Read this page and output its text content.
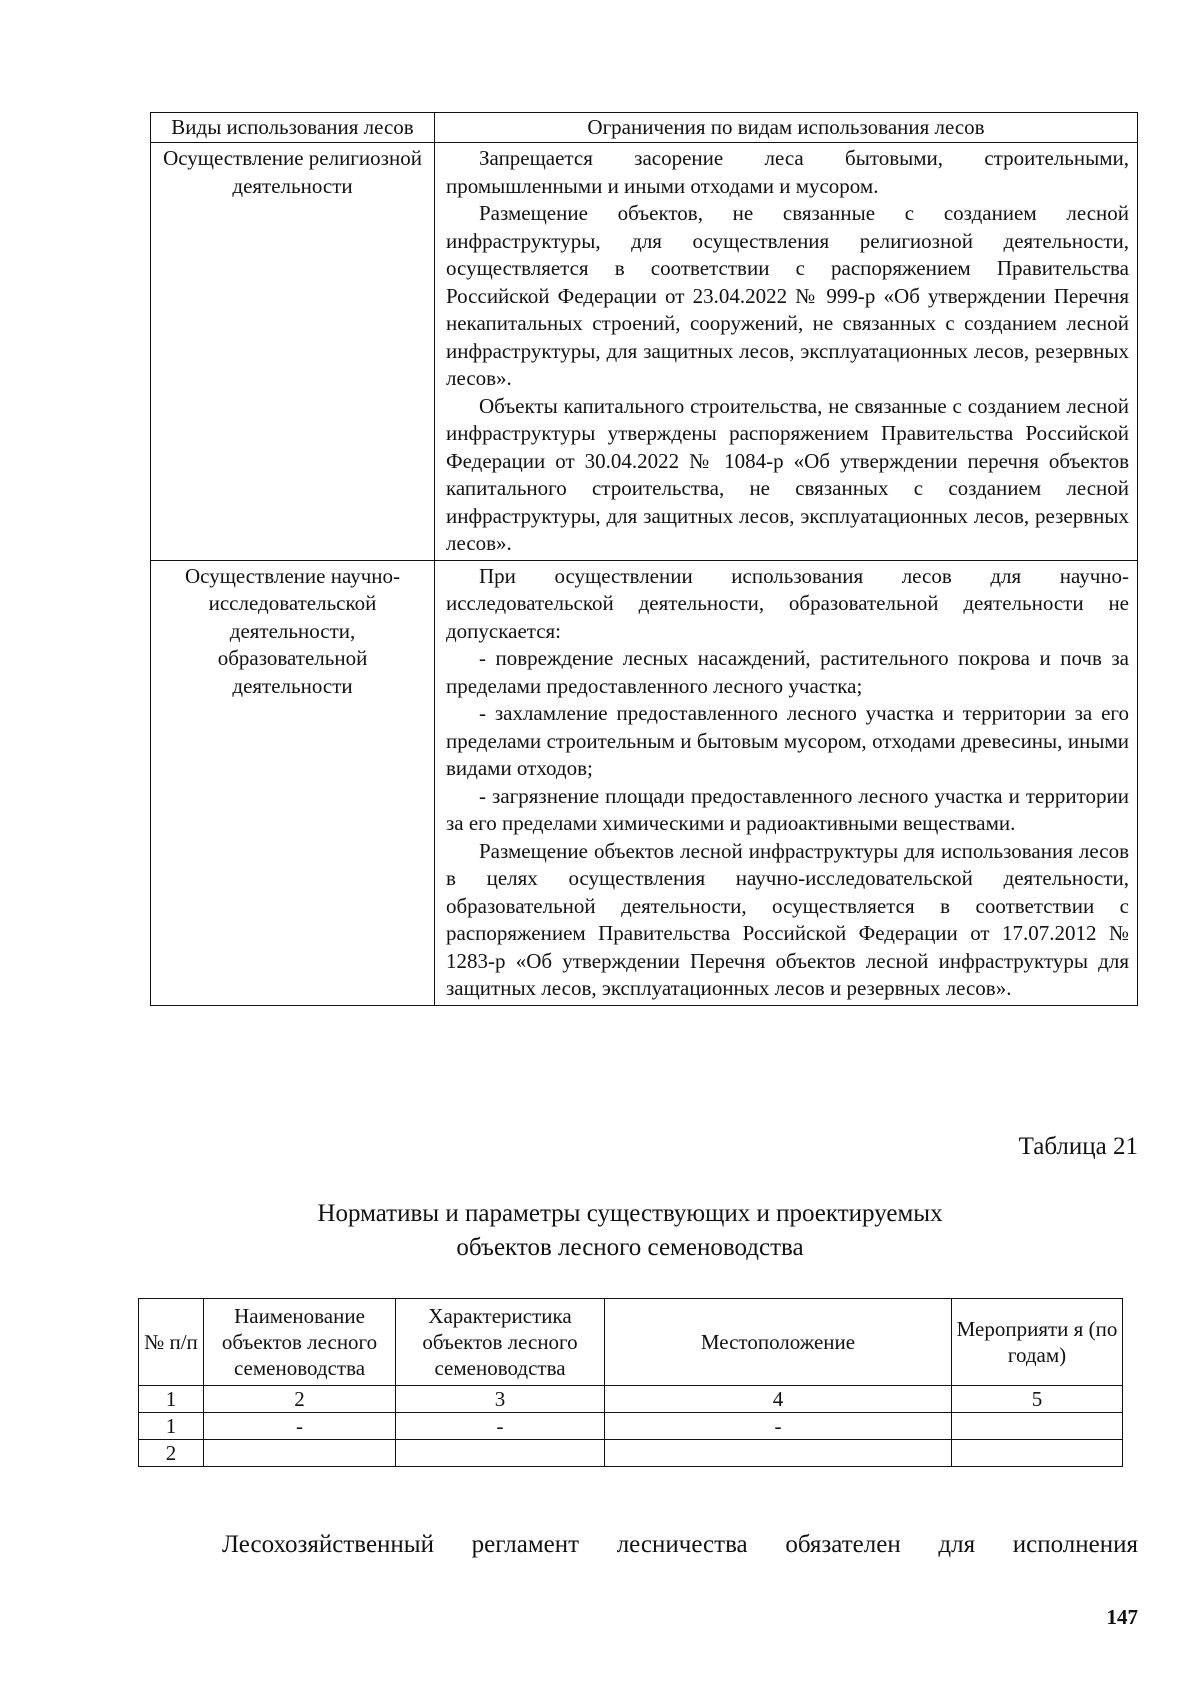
Виды использования лесов	Ограничения по видам использования лесов
Осуществление религиозной деятельности	Запрещается засорение леса бытовыми, строительными, промышленными и иными отходами и мусором.

Размещение объектов, не связанные с созданием лесной инфраструктуры, для осуществления религиозной деятельности, осуществляется в соответствии с распоряжением Правительства Российской Федерации от 23.04.2022 № 999-р «Об утверждении Перечня некапитальных строений, сооружений, не связанных с созданием лесной инфраструктуры, для защитных лесов, эксплуатационных лесов, резервных лесов».

Объекты капитального строительства, не связанные с созданием лесной инфраструктуры утверждены распоряжением Правительства Российской Федерации от 30.04.2022 № 1084-р «Об утверждении перечня объектов капитального строительства, не связанных с созданием лесной инфраструктуры, для защитных лесов, эксплуатационных лесов, резервных лесов».

Осуществление научно-исследовательской деятельности, образовательной деятельности	При осуществлении использования лесов для научно-исследовательской деятельности, образовательной деятельности не допускается:

- повреждение лесных насаждений, растительного покрова и почв за пределами предоставленного лесного участка;

- захламление предоставленного лесного участка и территории за его пределами строительным и бытовым мусором, отходами древесины, иными видами отходов;

- загрязнение площади предоставленного лесного участка и территории за его пределами химическими и радиоактивными веществами.

Размещение объектов лесной инфраструктуры для использования лесов в целях осуществления научно-исследовательской деятельности, образовательной деятельности, осуществляется в соответствии с распоряжением Правительства Российской Федерации от 17.07.2012 № 1283-р «Об утверждении Перечня объектов лесной инфраструктуры для защитных лесов, эксплуатационных лесов и резервных лесов».

Таблица 21
Нормативы и параметры существующих и проектируемых
объектов лесного семеноводства
№ п/п	Наименование объектов лесного семеноводства	Характеристика объектов лесного семеноводства	Местоположение	Мероприяти я (по годам)
1	2	3	4	5
1	-	-	-	
2				
Лесохозяйственный регламент лесничества обязателен для исполнения
147
